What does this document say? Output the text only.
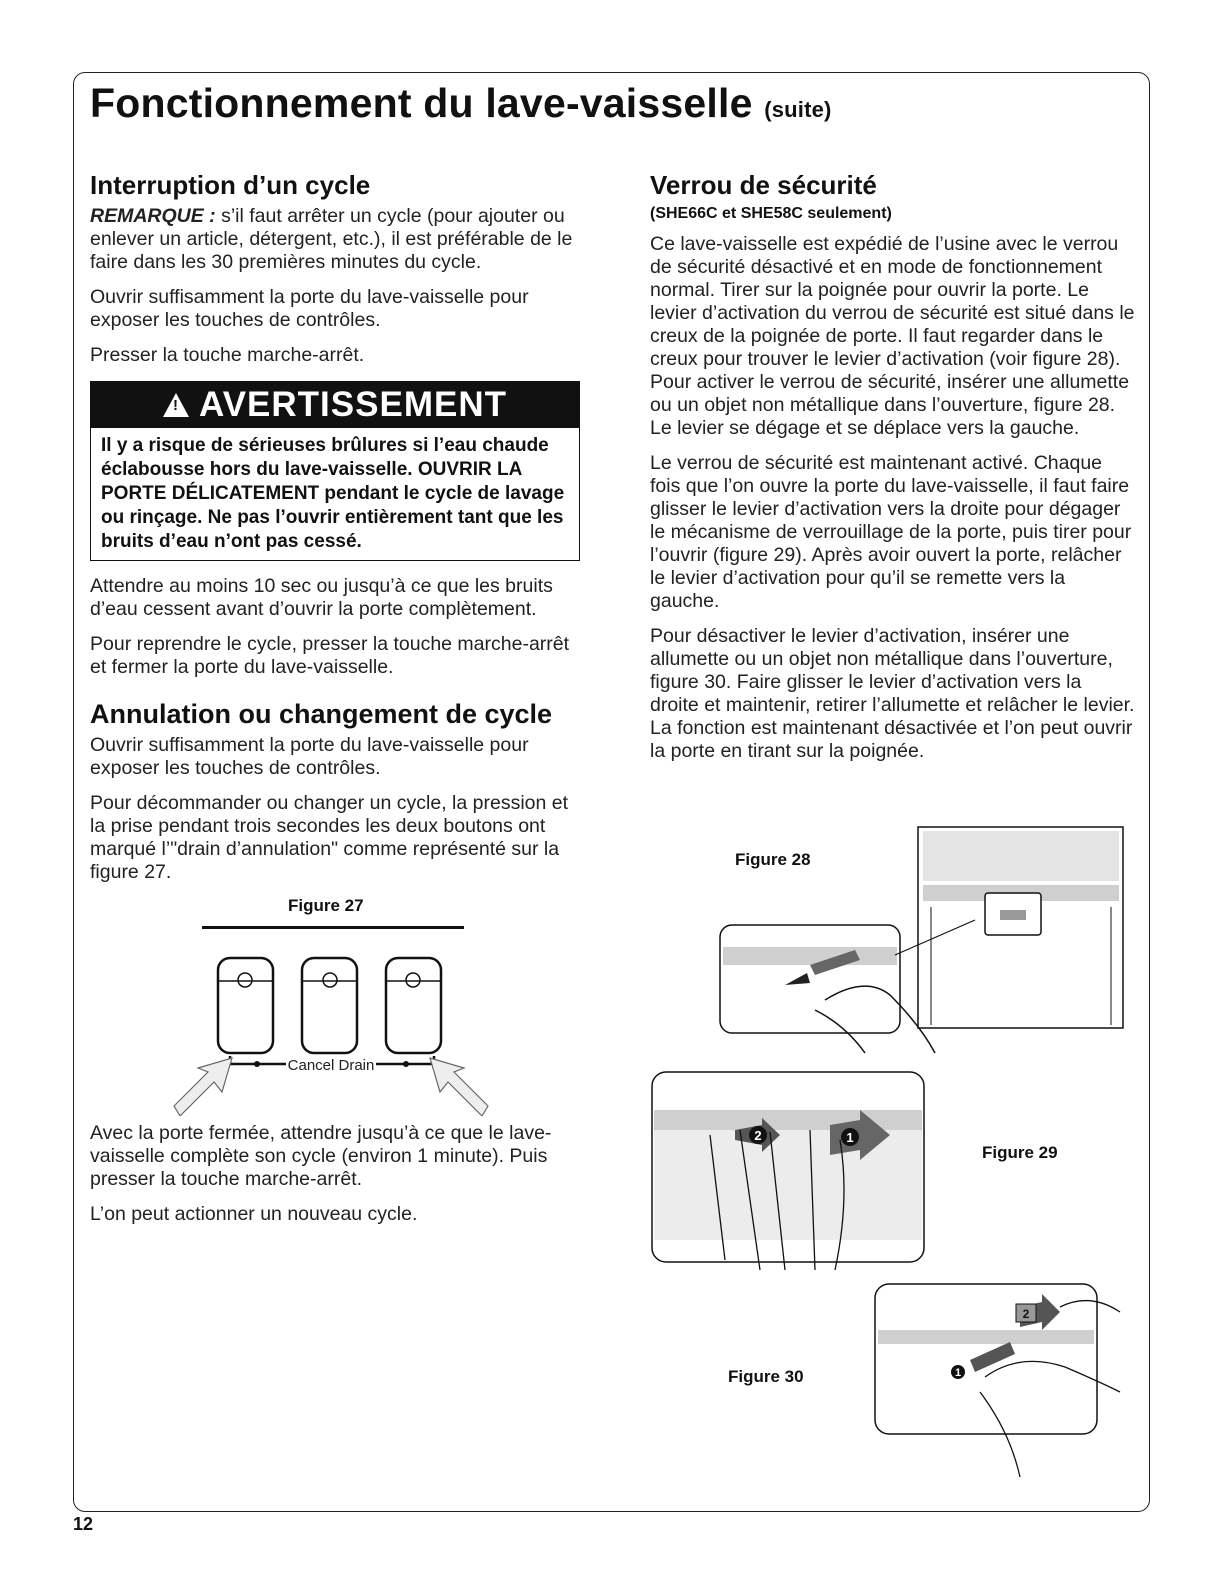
Fonctionnement du lave-vaisselle (suite)
Interruption d’un cycle

REMARQUE : s’il faut arrêter un cycle (pour ajouter ou enlever un article, détergent, etc.), il est préférable de le faire dans les 30 premières minutes du cycle.

Ouvrir suffisamment la porte du lave-vaisselle pour exposer les touches de contrôles.

Presser la touche marche-arrêt.

!AVERTISSEMENT
Il y a risque de sérieuses brûlures si l’eau chaude éclabousse hors du lave-vaisselle. OUVRIR LA PORTE DÉLICATEMENT pendant le cycle de lavage ou rinçage. Ne pas l’ouvrir entièrement tant que les bruits d’eau n’ont pas cessé.

Attendre au moins 10 sec ou jusqu’à ce que les bruits d’eau cessent avant d’ouvrir la porte complètement.

Pour reprendre le cycle, presser la touche marche-arrêt et fermer la porte du lave-vaisselle.

Annulation ou changement de cycle

Ouvrir suffisamment la porte du lave-vaisselle pour exposer les touches de contrôles.

Pour décommander ou changer un cycle, la pression et la prise pendant trois secondes les deux boutons ont marqué l’"drain d’annulation" comme représenté sur la figure 27.

Figure 27
Cancel Drain

Avec la porte fermée, attendre jusqu’à ce que le lave-vaisselle complète son cycle (environ 1 minute). Puis presser la touche marche-arrêt.

L’on peut actionner un nouveau cycle.

Verrou de sécurité
(SHE66C et SHE58C seulement)

Ce lave-vaisselle est expédié de l’usine avec le verrou de sécurité désactivé et en mode de fonctionnement normal. Tirer sur la poignée pour ouvrir la porte. Le levier d’activation du verrou de sécurité est situé dans le creux de la poignée de porte. Il faut regarder dans le creux pour trouver le levier d’activation (voir figure 28). Pour activer le verrou de sécurité, insérer une allumette ou un objet non métallique dans l’ouverture, figure 28. Le levier se dégage et se déplace vers la gauche.

Le verrou de sécurité est maintenant activé. Chaque fois que l’on ouvre la porte du lave-vaisselle, il faut faire glisser le levier d’activation vers la droite pour dégager le mécanisme de verrouillage de la porte, puis tirer pour l’ouvrir (figure 29). Après avoir ouvert la porte, relâcher le levier d’activation pour qu’il se remette vers la gauche.

Pour désactiver le levier d’activation, insérer une allumette ou un objet non métallique dans l’ouverture, figure 30. Faire glisser le levier d’activation vers la droite et maintenir, retirer l’allumette et relâcher le levier. La fonction est maintenant désactivée et l’on peut ouvrir la porte en tirant sur la poignée.

Figure 28
Figure 29
1
2
Figure 30
2
1
12
